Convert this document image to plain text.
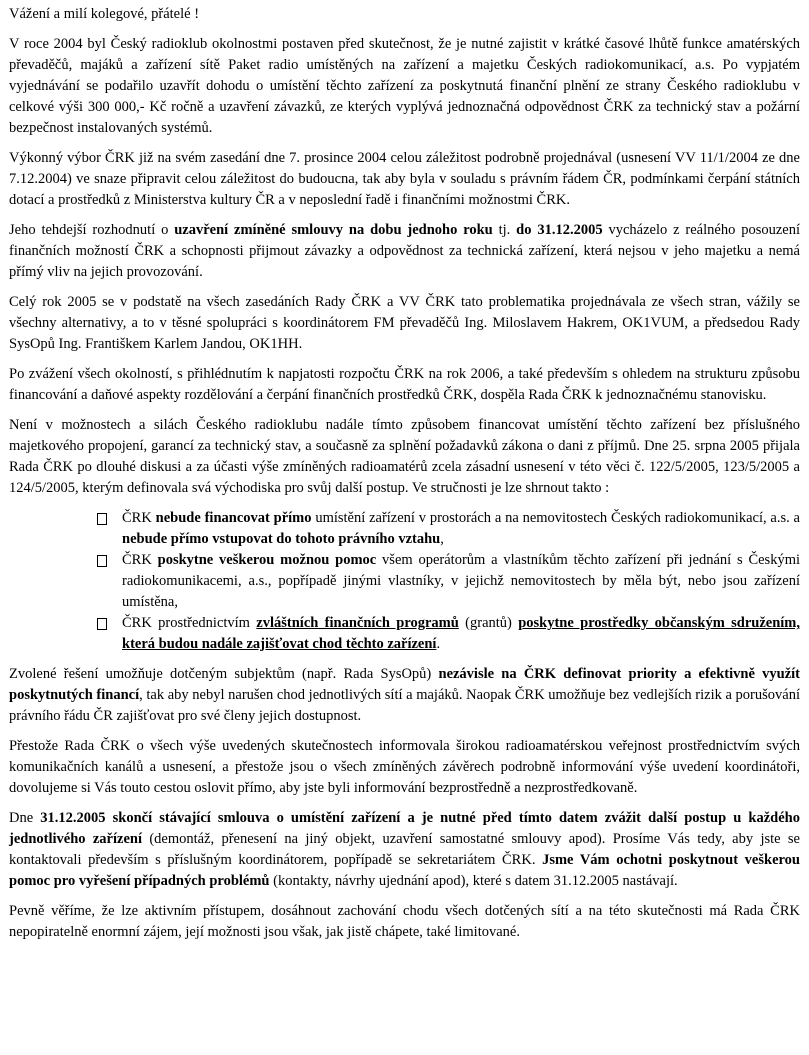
Vážení a milí kolegové, přátelé !

V roce 2004 byl Český radioklub okolnostmi postaven před skutečnost, že je nutné zajistit v krátké časové lhůtě funkce amatérských převaděčů, majáků a zařízení sítě Paket radio umístěných na zařízení a majetku Českých radiokomunikací, a.s. Po vypjatém vyjednávání se podařilo uzavřít dohodu o umístění těchto zařízení za poskytnutá finanční plnění ze strany Českého radioklubu v celkové výši 300 000,- Kč ročně a uzavření závazků, ze kterých vyplývá jednoznačná odpovědnost ČRK za technický stav a požární bezpečnost instalovaných systémů.

Výkonný výbor ČRK již na svém zasedání dne 7. prosince 2004 celou záležitost podrobně projednával (usnesení VV 11/1/2004 ze dne 7.12.2004) ve snaze připravit celou záležitost do budoucna, tak aby byla v souladu s právním řádem ČR, podmínkami čerpání státních dotací a prostředků z Ministerstva kultury ČR a v neposlední řadě i finančními možnostmi ČRK.

Jeho tehdejší rozhodnutí o uzavření zmíněné smlouvy na dobu jednoho roku tj. do 31.12.2005 vycházelo z reálného posouzení finančních možností ČRK a schopnosti přijmout závazky a odpovědnost za technická zařízení, která nejsou v jeho majetku a nemá přímý vliv na jejich provozování.

Celý rok 2005 se v podstatě na všech zasedáních Rady ČRK a VV ČRK tato problematika projednávala ze všech stran, vážily se všechny alternativy, a to v těsné spolupráci s koordinátorem FM převaděčů Ing. Miloslavem Hakrem, OK1VUM, a předsedou Rady SysOpů Ing. Františkem Karlem Jandou, OK1HH.

Po zvážení všech okolností, s přihlédnutím k napjatosti rozpočtu ČRK na rok 2006, a také především s ohledem na strukturu způsobu financování a daňové aspekty rozdělování a čerpání finančních prostředků ČRK, dospěla Rada ČRK k jednoznačnému stanovisku.

Není v možnostech a silách Českého radioklubu nadále tímto způsobem financovat umístění těchto zařízení bez příslušného majetkového propojení, garancí za technický stav, a současně za splnění požadavků zákona o dani z příjmů. Dne 25. srpna 2005 přijala Rada ČRK po dlouhé diskusi a za účasti výše zmíněných radioamatérů zcela zásadní usnesení v této věci č. 122/5/2005, 123/5/2005 a 124/5/2005, kterým definovala svá východiska pro svůj další postup. Ve stručnosti je lze shrnout takto :

ČRK nebude financovat přímo umístění zařízení v prostorách a na nemovitostech Českých radiokomunikací, a.s. a nebude přímo vstupovat do tohoto právního vztahu,
ČRK poskytne veškerou možnou pomoc všem operátorům a vlastníkům těchto zařízení při jednání s Českými radiokomunikacemi, a.s., popřípadě jinými vlastníky, v jejichž nemovitostech by měla být, nebo jsou zařízení umístěna,
ČRK prostřednictvím zvláštních finančních programů (grantů) poskytne prostředky občanským sdružením, která budou nadále zajišťovat chod těchto zařízení.

Zvolené řešení umožňuje dotčeným subjektům (např. Rada SysOpů) nezávisle na ČRK definovat priority a efektivně využít poskytnutých financí, tak aby nebyl narušen chod jednotlivých sítí a majáků. Naopak ČRK umožňuje bez vedlejších rizik a porušování právního řádu ČR zajišťovat pro své členy jejich dostupnost.

Přestože Rada ČRK o všech výše uvedených skutečnostech informovala širokou radioamatérskou veřejnost prostřednictvím svých komunikačních kanálů a usnesení, a přestože jsou o všech zmíněných závěrech podrobně informování výše uvedení koordinátoři, dovolujeme si Vás touto cestou oslovit přímo, aby jste byli informování bezprostředně a nezprostředkovaně.

Dne 31.12.2005 skončí stávající smlouva o umístění zařízení a je nutné před tímto datem zvážit další postup u každého jednotlivého zařízení (demontáž, přenesení na jiný objekt, uzavření samostatné smlouvy apod). Prosíme Vás tedy, aby jste se kontaktovali především s příslušným koordinátorem, popřípadě se sekretariátem ČRK. Jsme Vám ochotni poskytnout veškerou pomoc pro vyřešení případných problémů (kontakty, návrhy ujednání apod), které s datem 31.12.2005 nastávají.

Pevně věříme, že lze aktivním přístupem, dosáhnout zachování chodu všech dotčených sítí a na této skutečnosti má Rada ČRK nepopiratelně enormní zájem, její možnosti jsou však, jak jistě chápete, také limitované.
